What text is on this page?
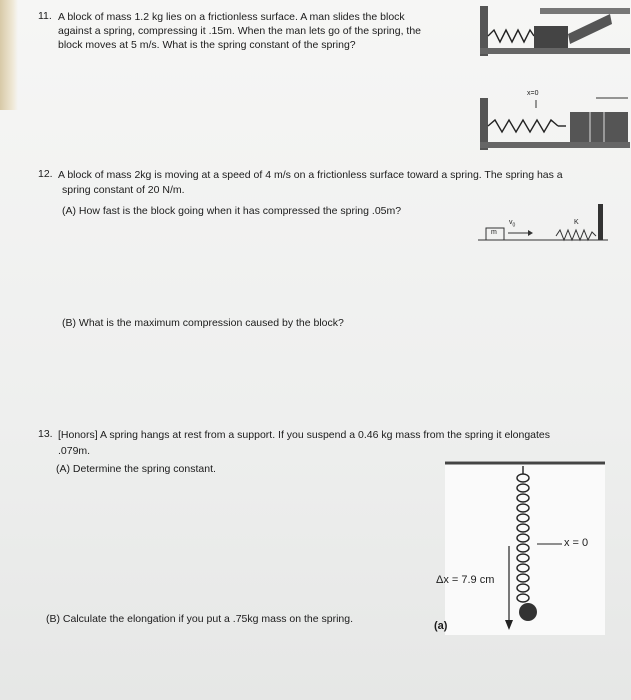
11. A block of mass 1.2 kg lies on a frictionless surface. A man slides the block
against a spring, compressing it .15m. When the man lets go of the spring, the
block moves at 5 m/s. What is the spring constant of the spring?
x=0
12. A block of mass 2kg is moving at a speed of 4 m/s on a frictionless surface toward a spring. The spring has a
spring constant of 20 N/m.
(A) How fast is the block going when it has compressed the spring .05m?
(B) What is the maximum compression caused by the block?
m
$v_0$	K
13. [Honors] A spring hangs at rest from a support. If you suspend a 0.46 kg mass from the spring it elongates
.079m.
(A) Determine the spring constant.
(B) Calculate the elongation if you put a .75kg mass on the spring.
x = 0
Δx = 7.9 cm
(a)
